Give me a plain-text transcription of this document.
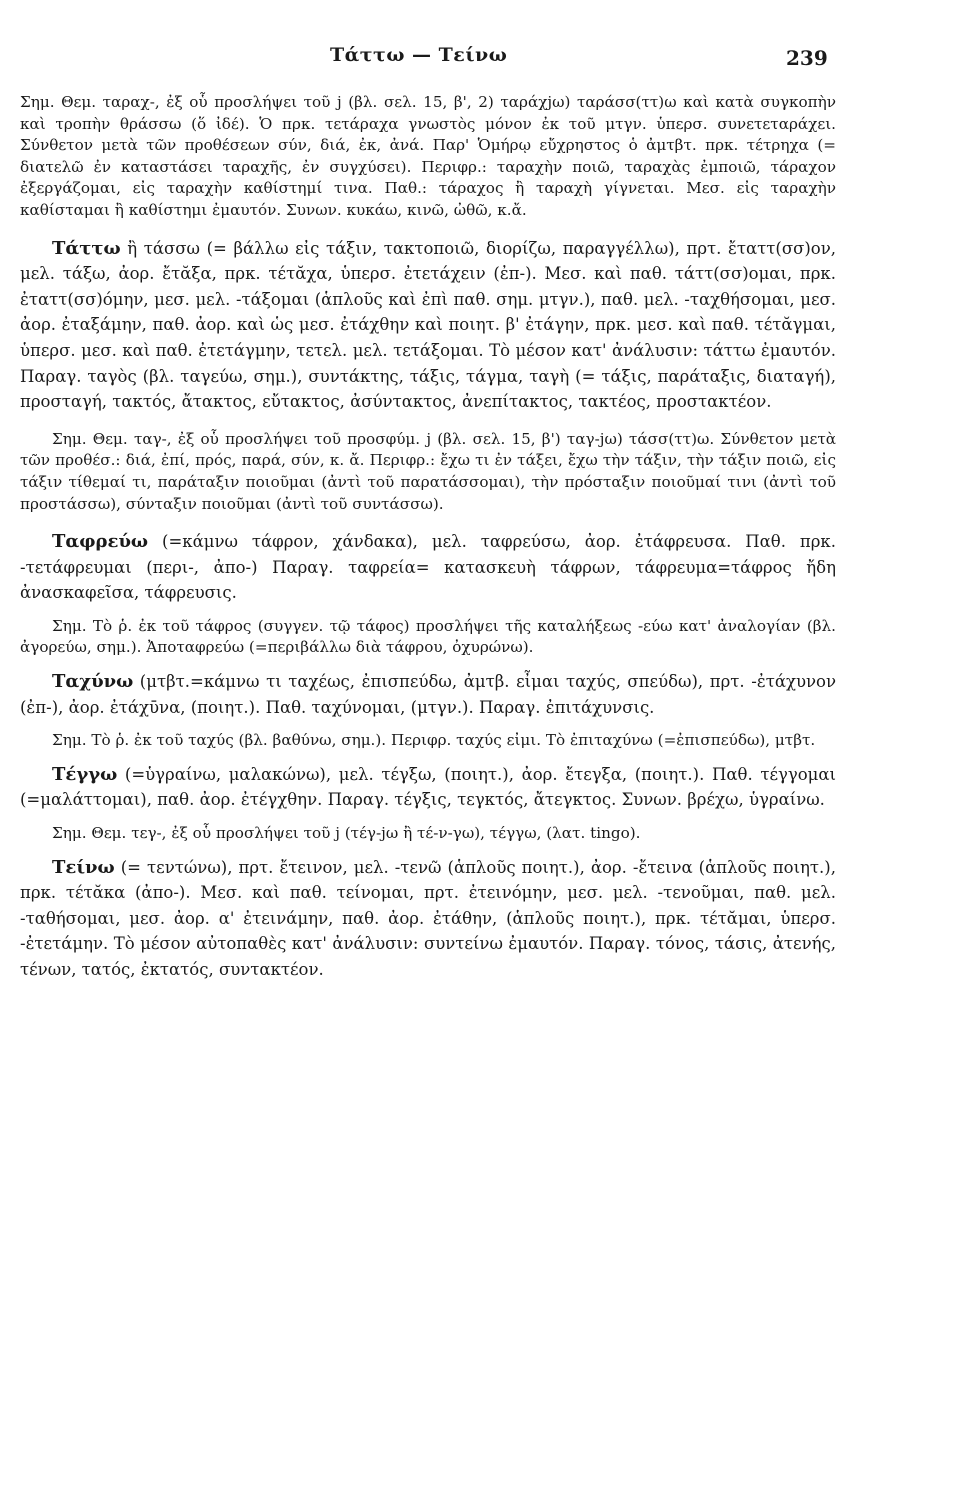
Τάττω — Τείνω	239

Σημ. Θεμ. ταραχ-, ἐξ οὗ προσλήψει τοῦ j (βλ. σελ. 15, β', 2) ταράχjω) ταράσσ(ττ)ω καὶ κατὰ συγκοπὴν καὶ τροπὴν θράσσω (ὅ ἰδέ). Ὁ πρκ. τετάραχα γνωστὸς μόνον ἐκ τοῦ μτγν. ὑπερσ. συνετεταράχει. Σύνθετον μετὰ τῶν προθέσεων σύν, διά, ἐκ, ἀνά. Παρ' Ὁμήρῳ εὔχρηστος ὁ ἀμτβτ. πρκ. τέτρηχα (= διατελῶ ἐν καταστάσει ταραχῆς, ἐν συγχύσει). Περιφρ.: ταραχὴν ποιῶ, ταραχὰς ἐμποιῶ, τάραχον ἐξεργάζομαι, εἰς ταραχὴν καθίστημί τινα. Παθ.: τάραχος ἢ ταραχὴ γίγνεται. Μεσ. εἰς ταραχὴν καθίσταμαι ἢ καθίστημι ἐμαυτόν. Συνων. κυκάω, κινῶ, ὠθῶ, κ.ἄ.

Τάττω ἢ τάσσω (= βάλλω εἰς τάξιν, τακτοποιῶ, διορίζω, παραγγέλλω), πρτ. ἔταττ(σσ)ον, μελ. τάξω, ἀορ. ἔτᾰξα, πρκ. τέτᾰχα, ὑπερσ. ἐτετάχειν (ἐπ-). Μεσ. καὶ παθ. τάττ(σσ)ομαι, πρκ. ἐταττ(σσ)όμην, μεσ. μελ. -τάξομαι (ἁπλοῦς καὶ ἐπὶ παθ. σημ. μτγν.), παθ. μελ. -ταχθήσομαι, μεσ. ἀορ. ἐταξάμην, παθ. ἀορ. καὶ ὡς μεσ. ἐτάχθην καὶ ποιητ. β' ἐτάγην, πρκ. μεσ. καὶ παθ. τέτᾰγμαι, ὑπερσ. μεσ. καὶ παθ. ἐτετάγμην, τετελ. μελ. τετάξομαι. Τὸ μέσον κατ' ἀνάλυσιν: τάττω ἐμαυτόν. Παραγ. ταγὸς (βλ. ταγεύω, σημ.), συντάκτης, τάξις, τάγμα, ταγὴ (= τάξις, παράταξις, διαταγή), προσταγή, τακτός, ἄτακτος, εὔτακτος, ἀσύντακτος, ἀνεπίτακτος, τακτέος, προστακτέον.

Σημ. Θεμ. ταγ-, ἐξ οὗ προσλήψει τοῦ προσφύμ. j (βλ. σελ. 15, β') ταγ-jω) τάσσ(ττ)ω. Σύνθετον μετὰ τῶν προθέσ.: διά, ἐπί, πρός, παρά, σύν, κ. ἄ. Περιφρ.: ἔχω τι ἐν τάξει, ἔχω τὴν τάξιν, τὴν τάξιν ποιῶ, εἰς τάξιν τίθεμαί τι, παράταξιν ποιοῦμαι (ἀντὶ τοῦ παρατάσσομαι), τὴν πρόσταξιν ποιοῦμαί τινι (ἀντὶ τοῦ προστάσσω), σύνταξιν ποιοῦμαι (ἀντὶ τοῦ συντάσσω).

Ταφρεύω (=κάμνω τάφρον, χάνδακα), μελ. ταφρεύσω, ἀορ. ἐτάφρευσα. Παθ. πρκ. -τετάφρευμαι (περι-, ἀπο-) Παραγ. ταφρεία= κατασκευὴ τάφρων, τάφρευμα=τάφρος ἤδη ἀνασκαφεῖσα, τάφρευσις.

Σημ. Τὸ ῥ. ἐκ τοῦ τάφρος (συγγεν. τῷ τάφος) προσλήψει τῆς καταλήξεως -εύω κατ' ἀναλογίαν (βλ. ἀγορεύω, σημ.). Ἀποταφρεύω (=περιβάλλω διὰ τάφρου, ὀχυρώνω).

Ταχύνω (μτβτ.=κάμνω τι ταχέως, ἐπισπεύδω, ἀμτβ. εἶμαι ταχύς, σπεύδω), πρτ. -ἐτάχυνον (ἐπ-), ἀορ. ἐτάχῡνα, (ποιητ.). Παθ. ταχύνομαι, (μτγν.). Παραγ. ἐπιτάχυνσις.

Σημ. Τὸ ῥ. ἐκ τοῦ ταχύς (βλ. βαθύνω, σημ.). Περιφρ. ταχύς εἰμι. Τὸ ἐπιταχύνω (=ἐπισπεύδω), μτβτ.

Τέγγω (=ὑγραίνω, μαλακώνω), μελ. τέγξω, (ποιητ.), ἀορ. ἔτεγξα, (ποιητ.). Παθ. τέγγομαι (=μαλάττομαι), παθ. ἀορ. ἐτέγχθην. Παραγ. τέγξις, τεγκτός, ἄτεγκτος. Συνων. βρέχω, ὑγραίνω.

Σημ. Θεμ. τεγ-, ἐξ οὗ προσλήψει τοῦ j (τέγ-jω ἢ τέ-ν-γω), τέγγω, (λατ. tingo).

Τείνω (= τεντώνω), πρτ. ἔτεινον, μελ. -τενῶ (ἁπλοῦς ποιητ.), ἀορ. -ἔτεινα (ἁπλοῦς ποιητ.), πρκ. τέτᾰκα (ἀπο-). Μεσ. καὶ παθ. τείνομαι, πρτ. ἐτεινόμην, μεσ. μελ. -τενοῦμαι, παθ. μελ. -ταθήσομαι, μεσ. ἀορ. α' ἐτεινάμην, παθ. ἀορ. ἐτάθην, (ἁπλοῦς ποιητ.), πρκ. τέτᾰμαι, ὑπερσ. -ἐτετάμην. Τὸ μέσον αὐτοπαθὲς κατ' ἀνάλυσιν: συντείνω ἐμαυτόν. Παραγ. τόνος, τάσις, ἀτενής, τένων, τατός, ἐκτατός, συντακτέον.
